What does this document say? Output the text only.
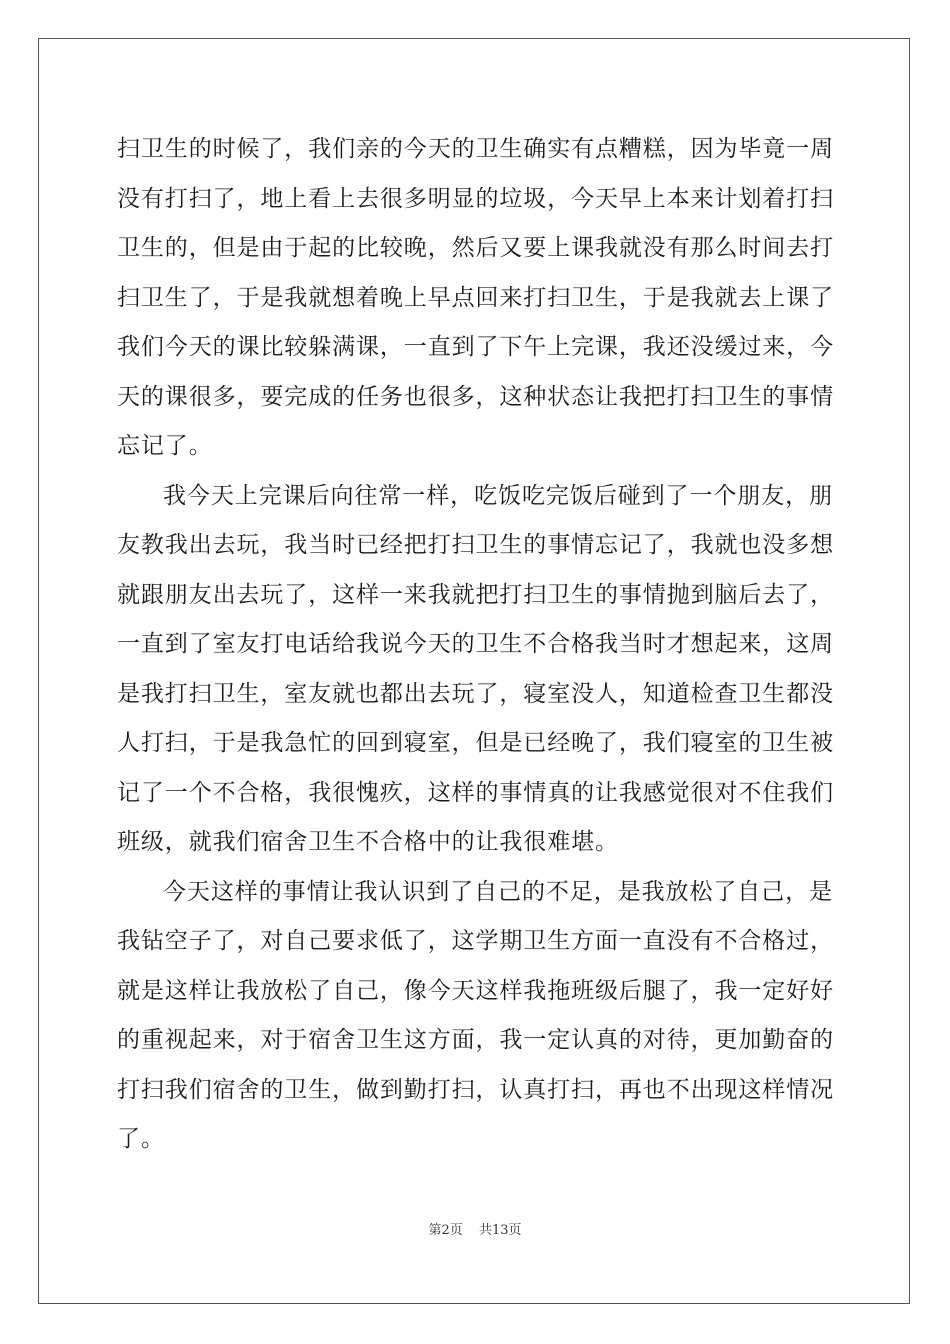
扫卫生的时候了，我们亲的今天的卫生确实有点糟糕，因为毕竟一周
没有打扫了，地上看上去很多明显的垃圾，今天早上本来计划着打扫
卫生的，但是由于起的比较晚，然后又要上课我就没有那么时间去打
扫卫生了，于是我就想着晚上早点回来打扫卫生，于是我就去上课了
我们今天的课比较躲满课，一直到了下午上完课，我还没缓过来，今
天的课很多，要完成的任务也很多，这种状态让我把打扫卫生的事情
忘记了。
我今天上完课后向往常一样，吃饭吃完饭后碰到了一个朋友，朋
友教我出去玩，我当时已经把打扫卫生的事情忘记了，我就也没多想
就跟朋友出去玩了，这样一来我就把打扫卫生的事情抛到脑后去了，
一直到了室友打电话给我说今天的卫生不合格我当时才想起来，这周
是我打扫卫生，室友就也都出去玩了，寝室没人，知道检查卫生都没
人打扫，于是我急忙的回到寝室，但是已经晚了，我们寝室的卫生被
记了一个不合格，我很愧疚，这样的事情真的让我感觉很对不住我们
班级，就我们宿舍卫生不合格中的让我很难堪。
今天这样的事情让我认识到了自己的不足，是我放松了自己，是
我钻空子了，对自己要求低了，这学期卫生方面一直没有不合格过，
就是这样让我放松了自己，像今天这样我拖班级后腿了，我一定好好
的重视起来，对于宿舍卫生这方面，我一定认真的对待，更加勤奋的
打扫我们宿舍的卫生，做到勤打扫，认真打扫，再也不出现这样情况
了。
第2页 共13页
